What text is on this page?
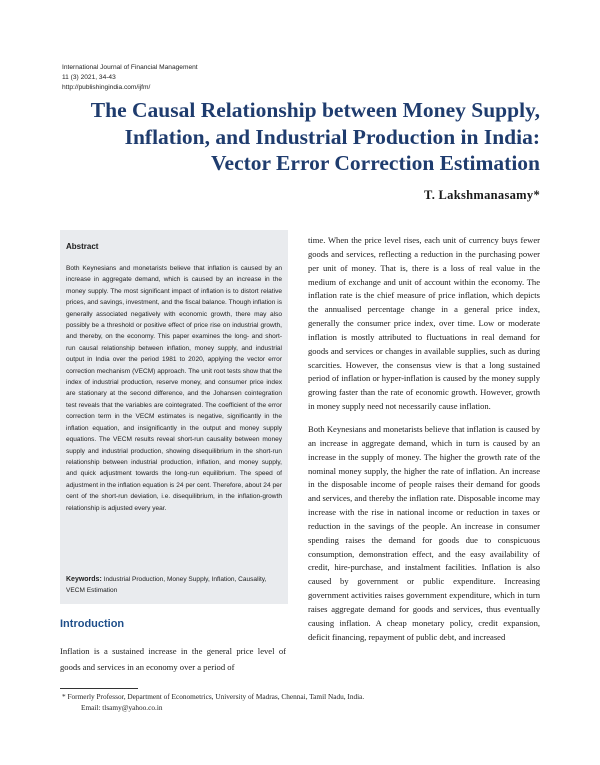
International Journal of Financial Management
11 (3) 2021, 34-43
http://publishingindia.com/ijfm/
The Causal Relationship between Money Supply,
Inflation, and Industrial Production in India:
Vector Error Correction Estimation
T. Lakshmanasamy*
Abstract
Both Keynesians and monetarists believe that inflation is caused by an increase in aggregate demand, which is caused by an increase in the money supply. The most significant impact of inflation is to distort relative prices, and savings, investment, and the fiscal balance. Though inflation is generally associated negatively with economic growth, there may also possibly be a threshold or positive effect of price rise on industrial growth, and thereby, on the economy. This paper examines the long- and short-run causal relationship between inflation, money supply, and industrial output in India over the period 1981 to 2020, applying the vector error correction mechanism (VECM) approach. The unit root tests show that the index of industrial production, reserve money, and consumer price index are stationary at the second difference, and the Johansen cointegration test reveals that the variables are cointegrated. The coefficient of the error correction term in the VECM estimates is negative, significantly in the inflation equation, and insignificantly in the output and money supply equations. The VECM results reveal short-run causality between money supply and industrial production, showing disequilibrium in the short-run relationship between industrial production, inflation, and money supply, and quick adjustment towards the long-run equilibrium. The speed of adjustment in the inflation equation is 24 per cent. Therefore, about 24 per cent of the short-run deviation, i.e. disequilibrium, in the inflation-growth relationship is adjusted every year.
Keywords: Industrial Production, Money Supply, Inflation, Causality, VECM Estimation
Introduction
Inflation is a sustained increase in the general price level of goods and services in an economy over a period of

time. When the price level rises, each unit of currency buys fewer goods and services, reflecting a reduction in the purchasing power per unit of money. That is, there is a loss of real value in the medium of exchange and unit of account within the economy. The inflation rate is the chief measure of price inflation, which depicts the annualised percentage change in a general price index, generally the consumer price index, over time. Low or moderate inflation is mostly attributed to fluctuations in real demand for goods and services or changes in available supplies, such as during scarcities. However, the consensus view is that a long sustained period of inflation or hyper-inflation is caused by the money supply growing faster than the rate of economic growth. However, growth in money supply need not necessarily cause inflation.

Both Keynesians and monetarists believe that inflation is caused by an increase in aggregate demand, which in turn is caused by an increase in the supply of money. The higher the growth rate of the nominal money supply, the higher the rate of inflation. An increase in the disposable income of people raises their demand for goods and services, and thereby the inflation rate. Disposable income may increase with the rise in national income or reduction in taxes or reduction in the savings of the people. An increase in consumer spending raises the demand for goods due to conspicuous consumption, demonstration effect, and the easy availability of credit, hire-purchase, and instalment facilities. Inflation is also caused by government or public expenditure. Increasing government activities raises government expenditure, which in turn raises aggregate demand for goods and services, thus eventually causing inflation. A cheap monetary policy, credit expansion, deficit financing, repayment of public debt, and increased

* Formerly Professor, Department of Econometrics, University of Madras, Chennai, Tamil Nadu, India.
Email: tlsamy@yahoo.co.in
